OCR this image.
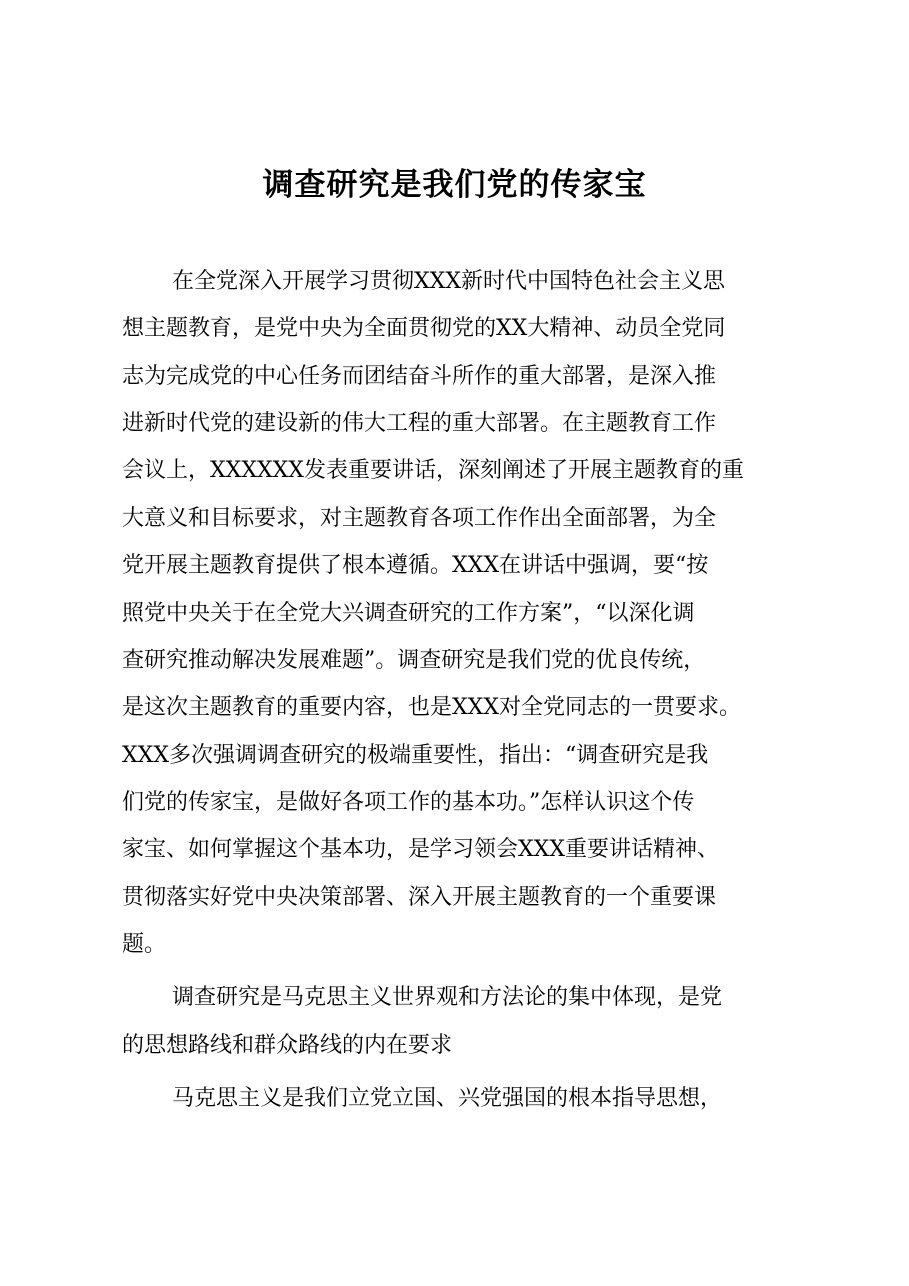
调查研究是我们党的传家宝
在全党深入开展学习贯彻XXX新时代中国特色社会主义思
想主题教育，是党中央为全面贯彻党的XX大精神、动员全党同
志为完成党的中心任务而团结奋斗所作的重大部署，是深入推
进新时代党的建设新的伟大工程的重大部署。在主题教育工作
会议上，XXXXXX发表重要讲话，深刻阐述了开展主题教育的重
大意义和目标要求，对主题教育各项工作作出全面部署，为全
党开展主题教育提供了根本遵循。XXX在讲话中强调，要“按
照党中央关于在全党大兴调查研究的工作方案”，“以深化调
查研究推动解决发展难题”。调查研究是我们党的优良传统，
是这次主题教育的重要内容，也是XXX对全党同志的一贯要求。
XXX多次强调调查研究的极端重要性，指出：“调查研究是我
们党的传家宝，是做好各项工作的基本功。”怎样认识这个传
家宝、如何掌握这个基本功，是学习领会XXX重要讲话精神、
贯彻落实好党中央决策部署、深入开展主题教育的一个重要课
题。
调查研究是马克思主义世界观和方法论的集中体现，是党
的思想路线和群众路线的内在要求
马克思主义是我们立党立国、兴党强国的根本指导思想，
